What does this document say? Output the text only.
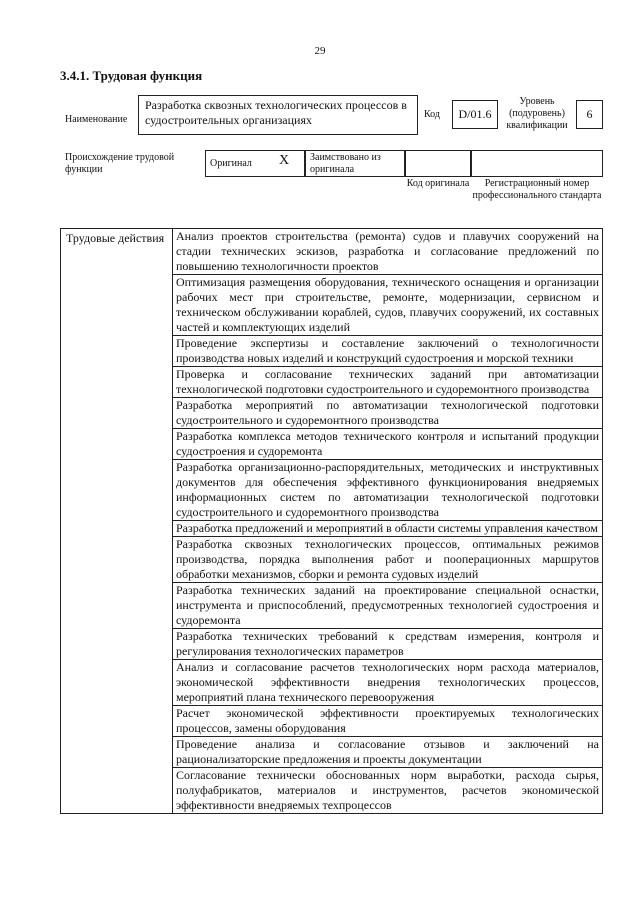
29
3.4.1. Трудовая функция
Наименование
Разработка сквозных технологических процессов в судостроительных организациях	Код	D/01.6
Уровень (подуровень) квалификации
6
Происхождение трудовой функции
Оригинал X	Заимствовано из оригинала
Код оригинала	Регистрационный номер профессионального стандарта
Трудовые действия	Анализ проектов строительства (ремонта) судов и плавучих сооружений на стадии технических эскизов, разработка и согласование предложений по повышению технологичности проектов
Оптимизация размещения оборудования, технического оснащения и организации рабочих мест при строительстве, ремонте, модернизации, сервисном и техническом обслуживании кораблей, судов, плавучих сооружений, их составных частей и комплектующих изделий
Проведение экспертизы и составление заключений о технологичности производства новых изделий и конструкций судостроения и морской техники
Проверка и согласование технических заданий при автоматизации технологической подготовки судостроительного и судоремонтного производства
Разработка мероприятий по автоматизации технологической подготовки судостроительного и судоремонтного производства
Разработка комплекса методов технического контроля и испытаний продукции судостроения и судоремонта
Разработка организационно-распорядительных, методических и инструктивных документов для обеспечения эффективного функционирования внедряемых информационных систем по автоматизации технологической подготовки судостроительного и судоремонтного производства
Разработка предложений и мероприятий в области системы управления качеством
Разработка сквозных технологических процессов, оптимальных режимов производства, порядка выполнения работ и пооперационных маршрутов обработки механизмов, сборки и ремонта судовых изделий
Разработка технических заданий на проектирование специальной оснастки, инструмента и приспособлений, предусмотренных технологией судостроения и судоремонта
Разработка технических требований к средствам измерения, контроля и регулирования технологических параметров
Анализ и согласование расчетов технологических норм расхода материалов, экономической эффективности внедрения технологических процессов, мероприятий плана технического перевооружения
Расчет экономической эффективности проектируемых технологических процессов, замены оборудования
Проведение анализа и согласование отзывов и заключений на рационализаторские предложения и проекты документации
Согласование технически обоснованных норм выработки, расхода сырья, полуфабрикатов, материалов и инструментов, расчетов экономической эффективности внедряемых техпроцессов
